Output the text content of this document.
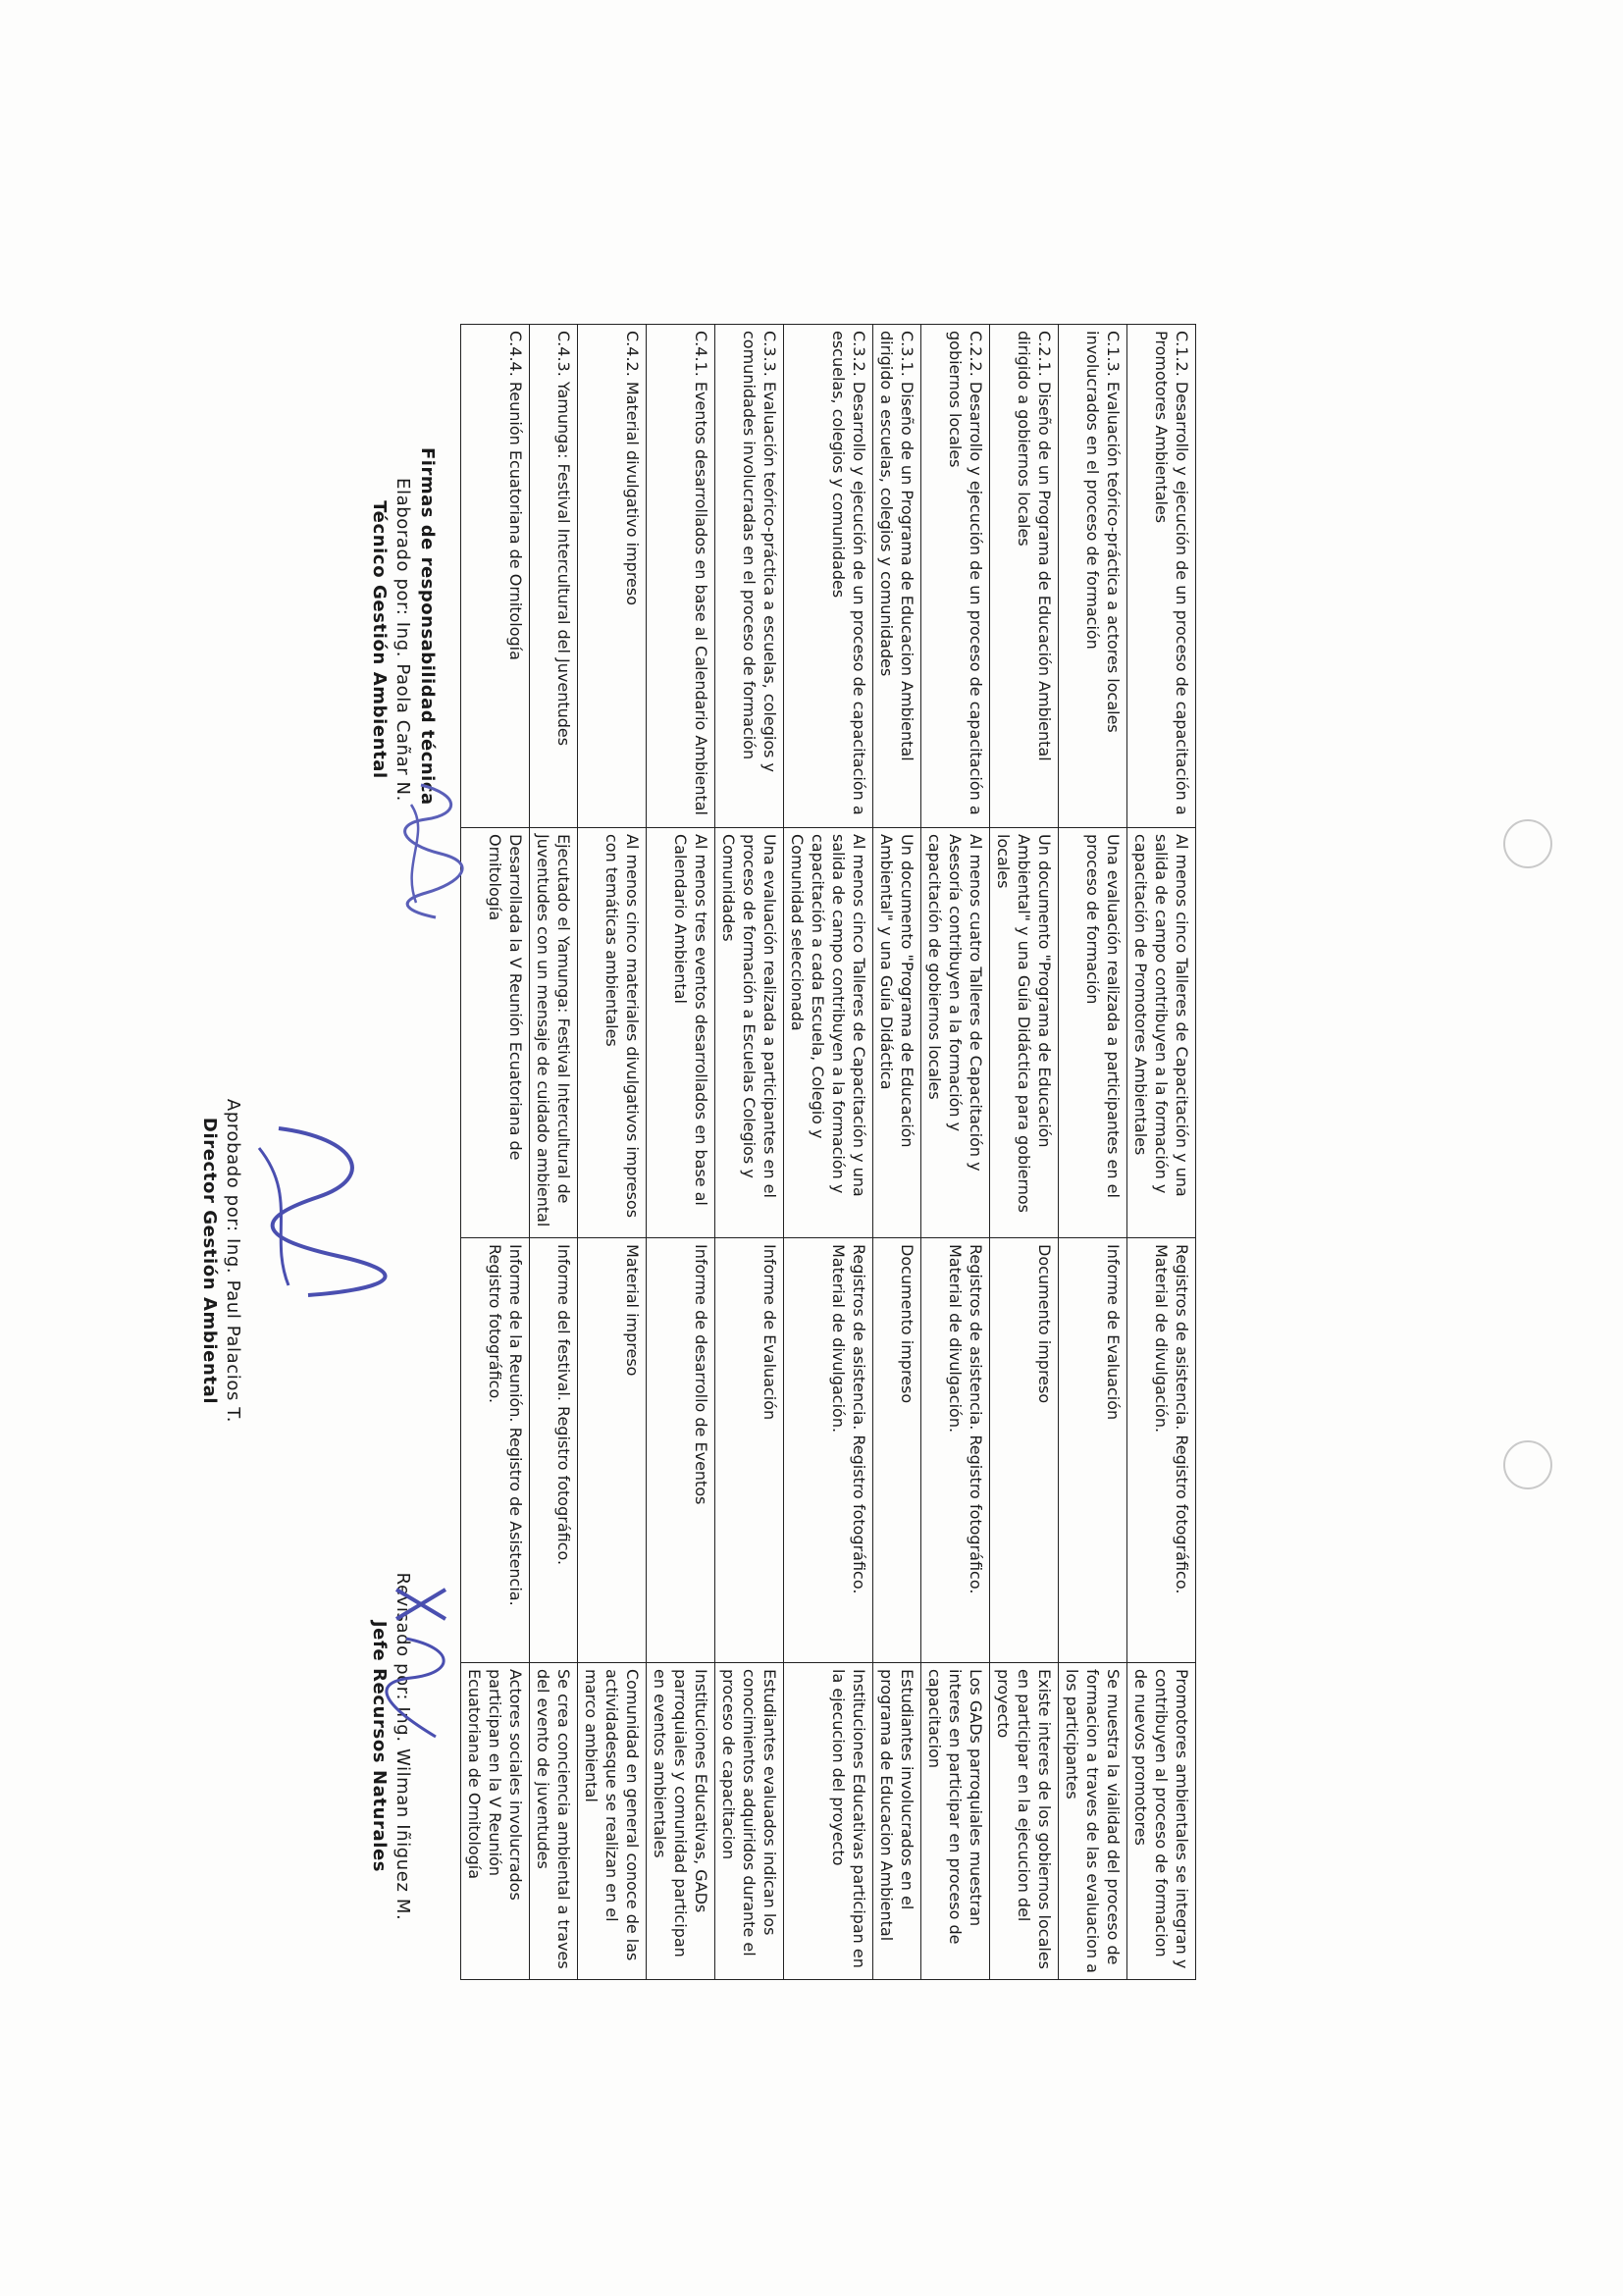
C.1.2. Desarrollo y ejecución de un proceso de capacitación a Promotores Ambientales	Al menos cinco Talleres de Capacitación y una salida de campo contribuyen a la formación y capacitación de Promotores Ambientales	Registros de asistencia. Registro fotográfico. Material de divulgación.	Promotores ambientales se integran y contribuyen al proceso de formacion de nuevos promotores
C.1.3. Evaluación teórico-práctica a actores locales involucrados en el proceso de formación	Una evaluación realizada a participantes en el proceso de formación	Informe de Evaluación	Se muestra la vialidad del proceso de formacion a traves de las evaluacion a los participantes
C.2.1. Diseño de un Programa de Educación Ambiental dirigido a gobiernos locales	Un documento "Programa de Educación Ambiental" y una Guía Didáctica para gobiernos locales	Documento impreso	Existe interes de los gobiernos locales en participar en la ejecucion del proyecto
C.2.2. Desarrollo y ejecución de un proceso de capacitación a gobiernos locales	Al menos cuatro Talleres de Capacitación y Asesoría contribuyen a la formación y capacitación de gobiernos locales	Registros de asistencia. Registro fotográfico. Material de divulgación.	Los GADs parroquiales muestran interes en participar en proceso de capacitacion
C.3.1. Diseño de un Programa de Educacion Ambiental dirigido a escuelas, colegios y comunidades	Un documento "Programa de Educación Ambiental" y una Guía Didáctica	Documento impreso	Estudiantes involucrados en el programa de Educacion Ambiental
C.3.2. Desarrollo y ejecución de un proceso de capacitación a escuelas, colegios y comunidades	Al menos cinco Talleres de Capacitación y una salida de campo contribuyen a la formación y capacitación a cada Escuela, Colegio y Comunidad seleccionada	Registros de asistencia. Registro fotográfico. Material de divulgación.	Instituciones Educativas participan en la ejecucion del proyecto
C.3.3. Evaluación teórico-práctica a escuelas, colegios y comunidades involucradas en el proceso de formación	Una evaluación realizada a participantes en el proceso de formación a Escuelas Colegios y Comunidades	Informe de Evaluación	Estudiantes evaluados indican los conocimientos adquiridos durante el proceso de capacitacion
C.4.1. Eventos desarrollados en base al Calendario Ambiental	Al menos tres eventos desarrollados en base al Calendario Ambiental	Informe de desarrollo de Eventos	Instituciones Educativas, GADs parroquiales y comunidad participan en eventos ambientales
C.4.2. Material divulgativo impreso	Al menos cinco materiales divulgativos impresos con temáticas ambientales	Material impreso	Comunidad en general conoce de las actividadesque se realizan en el marco ambiental
C.4.3. Yamunga: Festival Intercultural del Juventudes	Ejecutado el Yamunga: Festival Intercultural de Juventudes con un mensaje de cuidado ambiental	Informe del festival. Registro fotográfico.	Se crea conciencia ambiental a traves del evento de juventudes
C.4.4. Reunión Ecuatoriana de Ornitología	Desarrollada la V Reunión Ecuatoriana de Ornitología	Informe de la Reunión. Registro de Asistencia. Registro fotográfico.	Actores sociales involucrados participan en la V Reunión Ecuatoriana de Ornitología
Firmas de responsabilidad técnica
Elaborado por: Ing. Paola Cañar N.
Técnico Gestión Ambiental
Aprobado por: Ing. Paul Palacios T.
Director Gestión Ambiental
Revisado por: Ing. Wilman Iñiguez M.
Jefe Recursos Naturales
